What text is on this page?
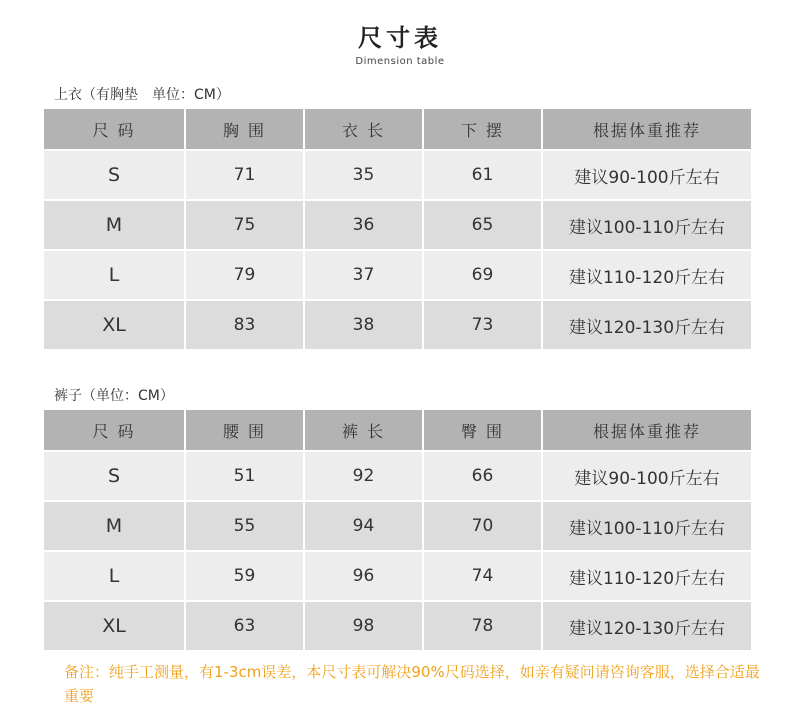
尺寸表
Dimension table
上衣（有胸垫　单位：CM）
尺 码	胸 围	衣 长	下 摆	根据体重推荐
S	71	35	61	建议90-100斤左右
M	75	36	65	建议100-110斤左右
L	79	37	69	建议110-120斤左右
XL	83	38	73	建议120-130斤左右
裤子（单位：CM）
尺 码	腰 围	裤 长	臀 围	根据体重推荐
S	51	92	66	建议90-100斤左右
M	55	94	70	建议100-110斤左右
L	59	96	74	建议110-120斤左右
XL	63	98	78	建议120-130斤左右
备注：纯手工测量，有1-3cm误差，本尺寸表可解决90%尺码选择，如亲有疑问请咨询客服，选择合适最重要
